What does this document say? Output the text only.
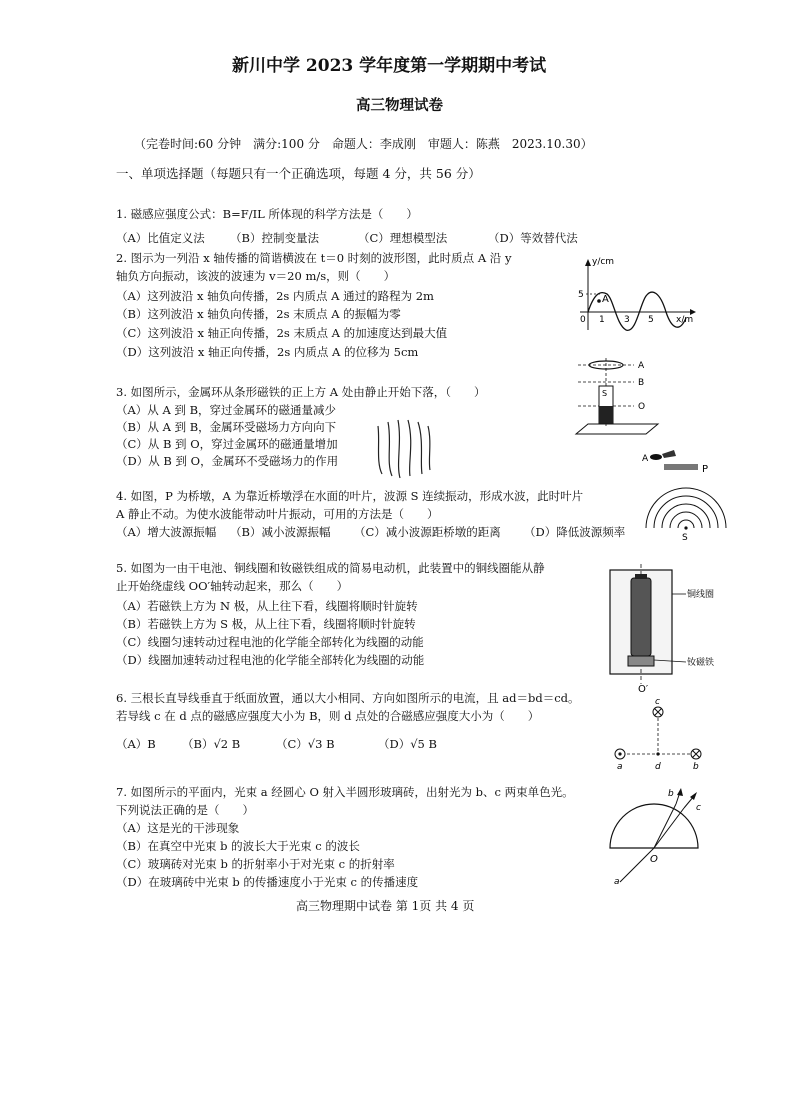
新川中学 2023 学年度第一学期期中考试
高三物理试卷
（完卷时间:60 分钟　满分:100 分　命题人：李成刚　审题人：陈燕　2023.10.30）
一、单项选择题（每题只有一个正确选项，每题 4 分，共 56 分）
1. 磁感应强度公式：B=F/IL 所体现的科学方法是（　　）
（A）比值定义法 （B）控制变量法	（C）理想模型法	（D）等效替代法
2. 图示为一列沿 x 轴传播的简谐横波在 t＝0 时刻的波形图，此时质点 A 沿 y
轴负方向振动，该波的波速为 v＝20 m/s，则（　　）
（A）这列波沿 x 轴负向传播，2s 内质点 A 通过的路程为 2m
（B）这列波沿 x 轴负向传播，2s 末质点 A 的振幅为零
（C）这列波沿 x 轴正向传播，2s 末质点 A 的加速度达到最大值
（D）这列波沿 x 轴正向传播，2s 内质点 A 的位移为 5cm
y/cm
5
0
A
1 3 5 x/m
3. 如图所示，金属环从条形磁铁的正上方 A 处由静止开始下落，（　　）
（A）从 A 到 B，穿过金属环的磁通量减少
（B）从 A 到 B，金属环受磁场力方向向下
（C）从 B 到 O，穿过金属环的磁通量增加
（D）从 B 到 O，金属环不受磁场力的作用
A
B
S
O
4. 如图，P 为桥墩，A 为靠近桥墩浮在水面的叶片，波源 S 连续振动，形成水波，此时叶片
A 静止不动。为使水波能带动叶片振动，可用的方法是（　　）
（A）增大波源振幅 （B）减小波源振幅 （C）减小波源距桥墩的距离 （D）降低波源频率
A
P
S
5. 如图为一由干电池、铜线圈和钕磁铁组成的简易电动机，此装置中的铜线圈能从静
止开始绕虚线 OO′轴转动起来，那么（　　）
（A）若磁铁上方为 N 极，从上往下看，线圈将顺时针旋转
（B）若磁铁上方为 S 极，从上往下看，线圈将顺时针旋转
（C）线圈匀速转动过程电池的化学能全部转化为线圈的动能
（D）线圈加速转动过程电池的化学能全部转化为线圈的动能
铜线圈
钕磁铁
O′
6. 三根长直导线垂直于纸面放置，通以大小相同、方向如图所示的电流，且 ad＝bd＝cd。
若导线 c 在 d 点的磁感应强度大小为 B，则 d 点处的合磁感应强度大小为（　　）
（A）B （B）√2 B	（C）√3 B	（D）√5 B
c
a	d	b
7. 如图所示的平面内，光束 a 经圆心 O 射入半圆形玻璃砖，出射光为 b、c 两束单色光。
下列说法正确的是（　　）
（A）这是光的干涉现象
（B）在真空中光束 b 的波长大于光束 c 的波长
（C）玻璃砖对光束 b 的折射率小于对光束 c 的折射率
（D）在玻璃砖中光束 b 的传播速度小于光束 c 的传播速度
b
c
O
a
高三物理期中试卷 第 1页 共 4 页
